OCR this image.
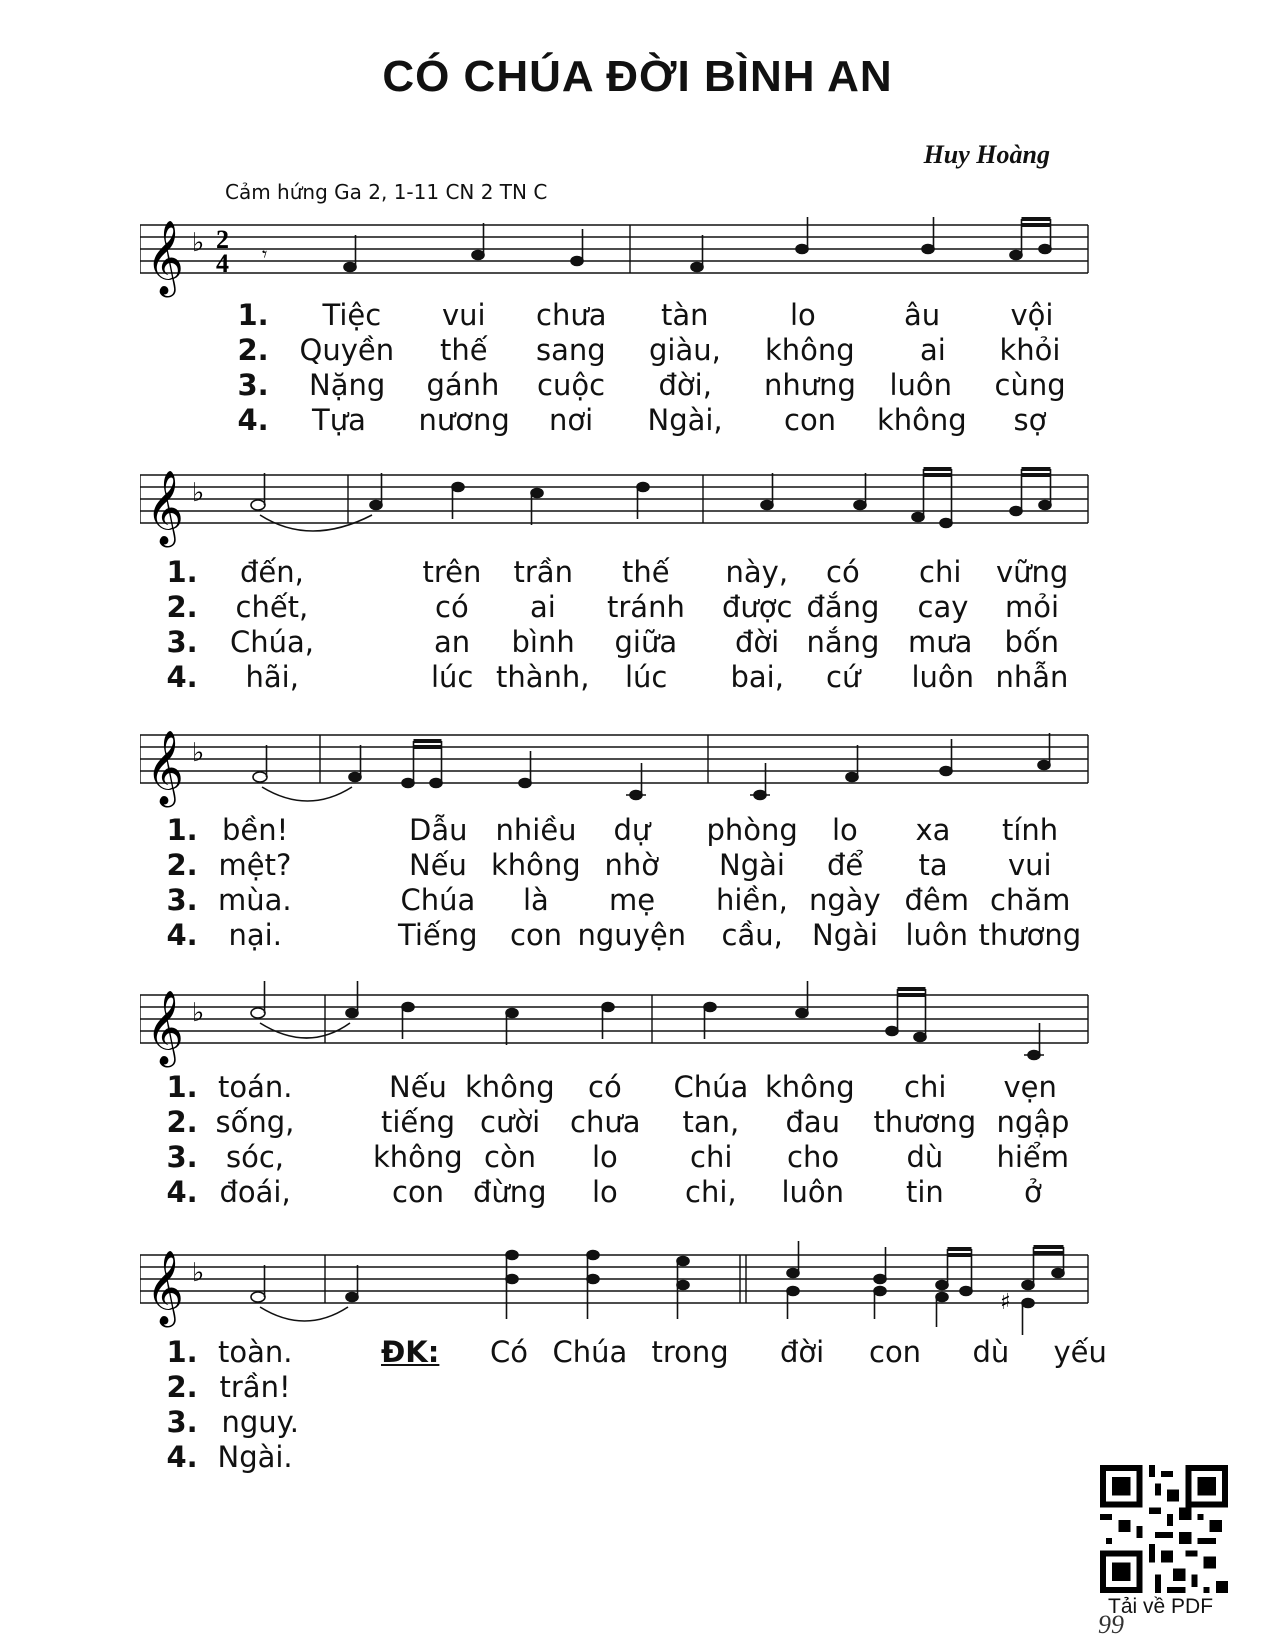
CÓ CHÚA ĐỜI BÌNH AN
Huy Hoàng
Cảm hứng Ga 2, 1-11 CN 2 TN C
𝄞 ♭ 2
4 𝄾
𝄞 ♭
𝄞 ♭
𝄞 ♭
𝄞 ♭
♯
1. Tiệc vui chưa tàn	lo	âu vội
2. Quyền thế sang giàu, không ai khỏi
3. Nặng gánh cuộc đời, nhưng luôn cùng
4. Tựa nương nơi Ngài, con không sợ
1. đến,	trên trần thế này, có chi vững
2. chết,	có ai tránh được đắng cay mỏi
3. Chúa,	an bình giữa đời nắng mưa bốn
4. hãi,	lúc thành, lúc bai, cứ luôn nhẫn
1. bền!	Dẫu nhiều dự phòng lo xa tính
2. mệt?	Nếu không nhờ Ngài để ta vui
3. mùa.	Chúa là mẹ hiền, ngày đêm chăm
4. nại.	Tiếng con nguyện cầu, Ngài luôn thương
1. toán.	Nếu không có Chúa không chi vẹn
2. sống,	tiếng cười chưa tan, đau thương ngập
3. sóc,	không còn lo chi cho dù hiểm
4. đoái,	con đừng lo chi, luôn tin	ở
1. toàn.	ĐK: Có Chúa trong đời con dù yếu
2. trần!
3. nguy.
4. Ngài.
99
Tải về PDF
